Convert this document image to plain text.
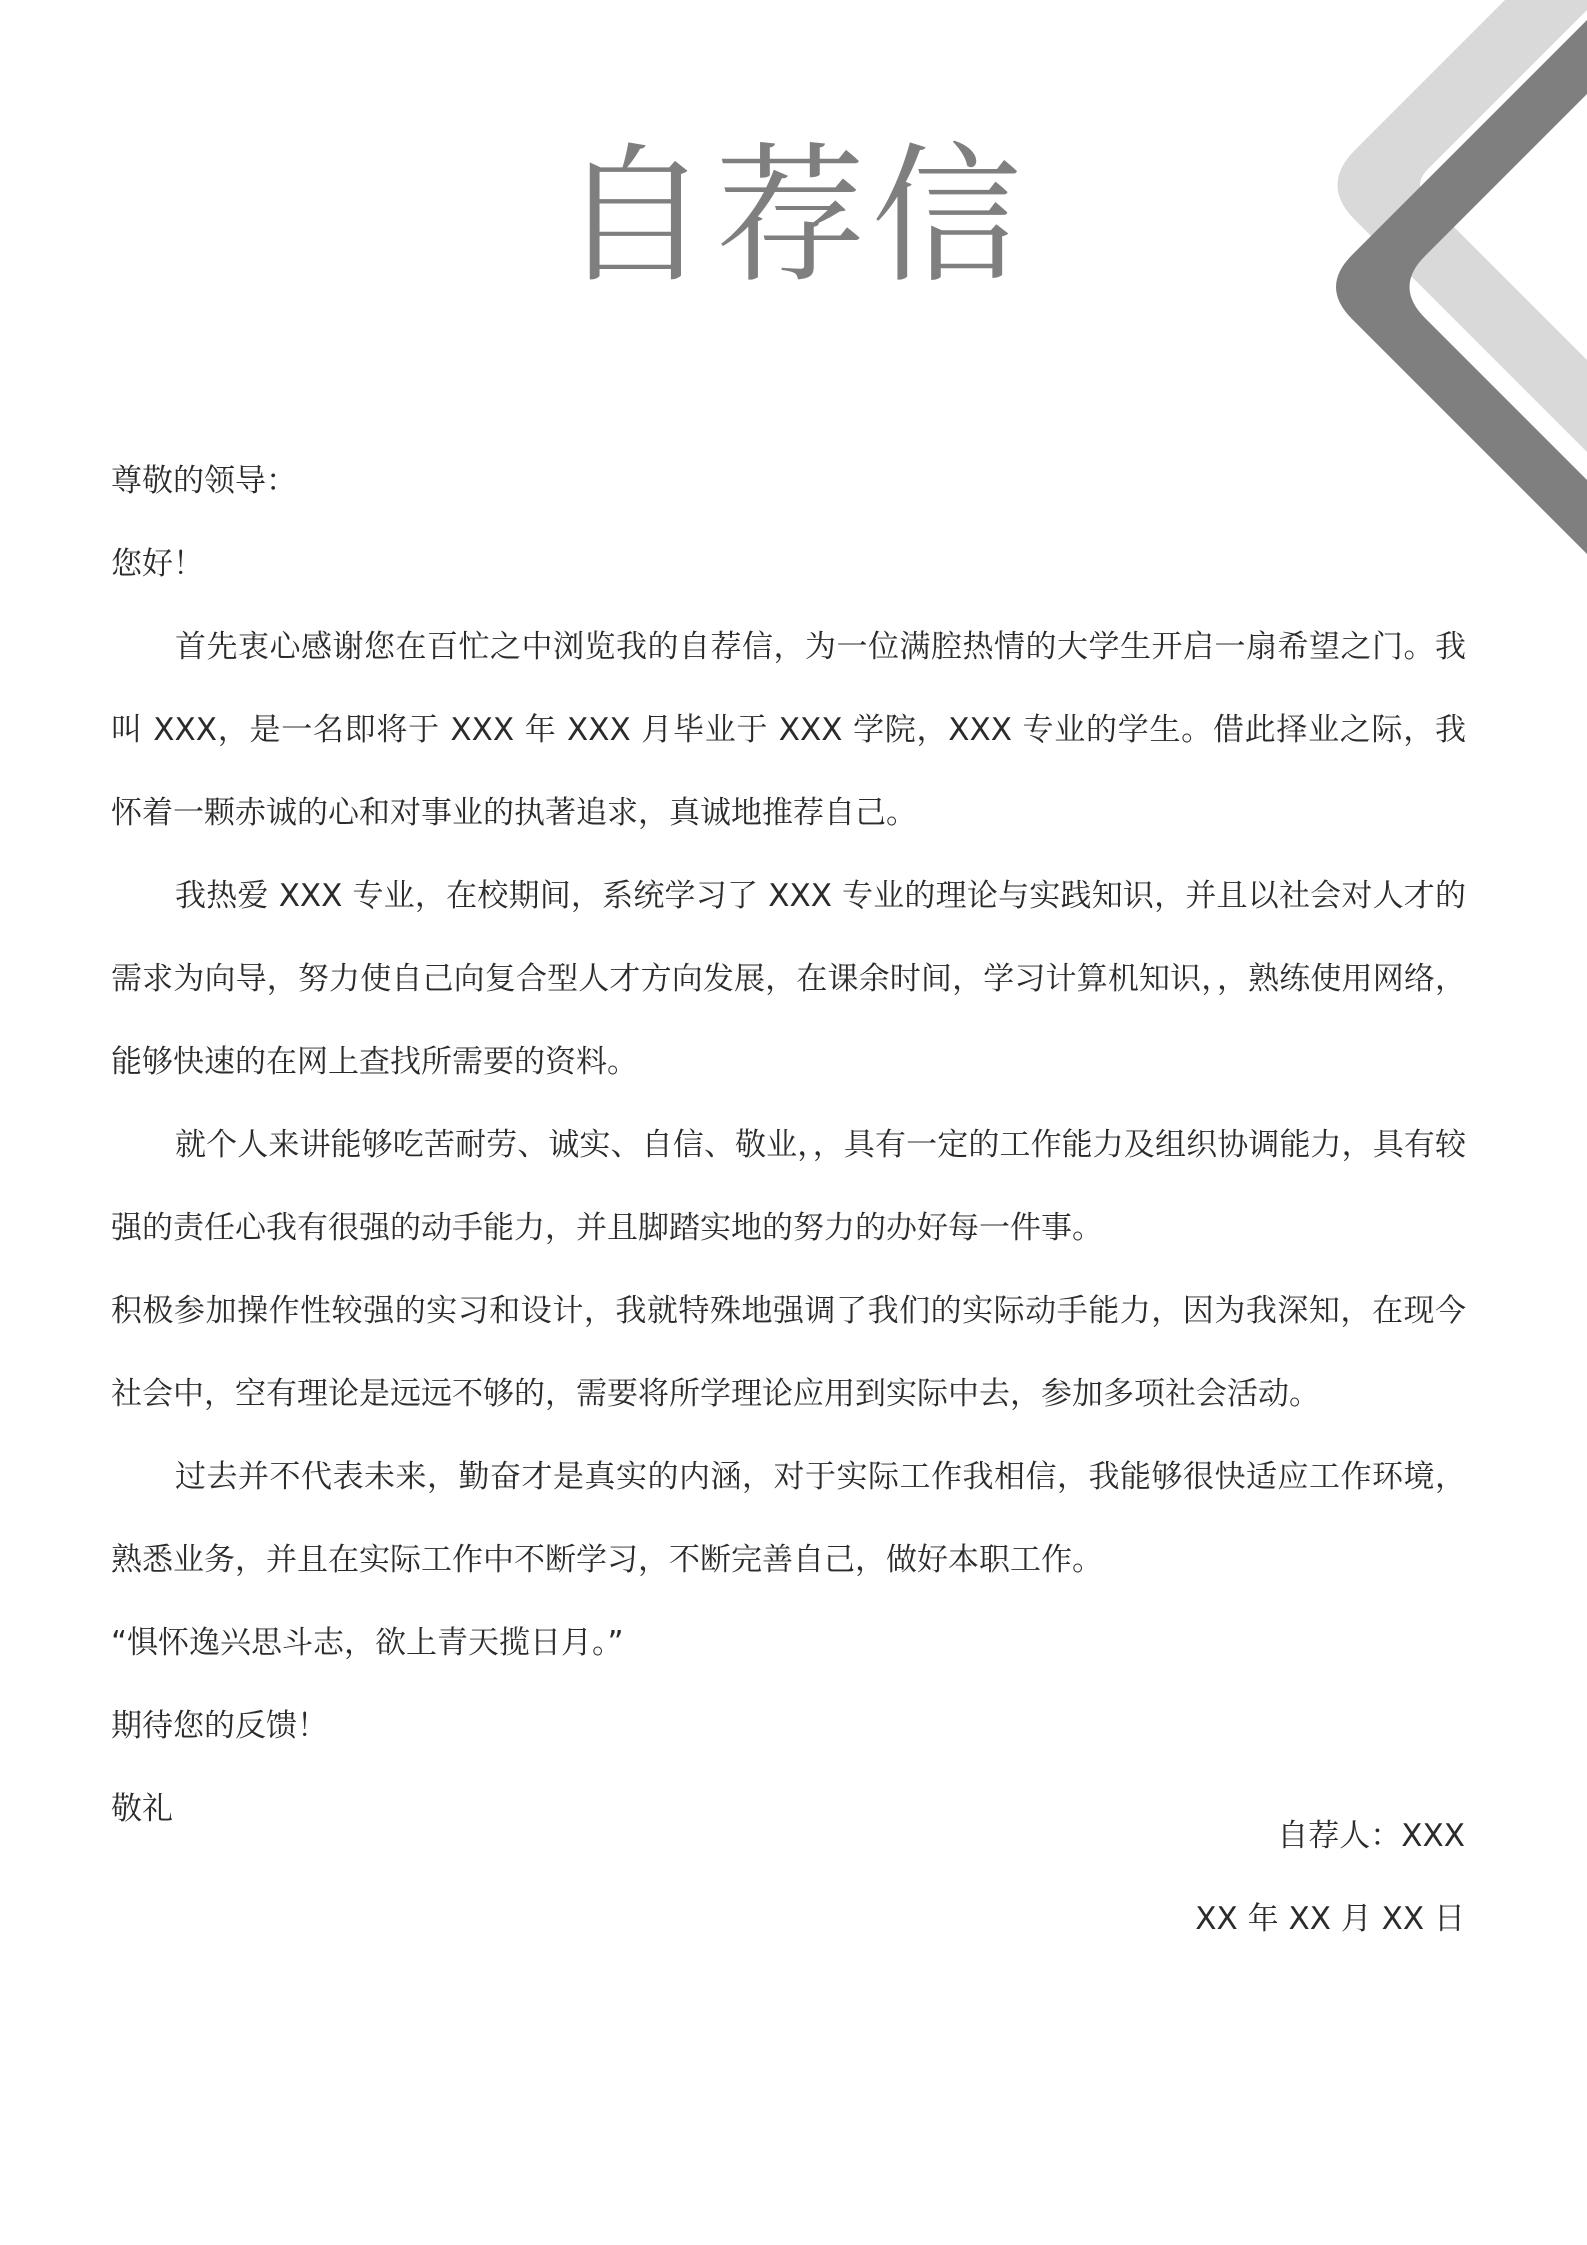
自荐信

尊敬的领导：

您好！

首先衷心感谢您在百忙之中浏览我的自荐信，为一位满腔热情的大学生开启一扇希望之门。我叫 XXX，是一名即将于 XXX 年 XXX 月毕业于 XXX 学院，XXX 专业的学生。借此择业之际，我怀着一颗赤诚的心和对事业的执著追求，真诚地推荐自己。

我热爱 XXX 专业，在校期间，系统学习了 XXX 专业的理论与实践知识，并且以社会对人才的需求为向导，努力使自己向复合型人才方向发展，在课余时间，学习计算机知识，，熟练使用网络，能够快速的在网上查找所需要的资料。

就个人来讲能够吃苦耐劳、诚实、自信、敬业，，具有一定的工作能力及组织协调能力，具有较强的责任心我有很强的动手能力，并且脚踏实地的努力的办好每一件事。

积极参加操作性较强的实习和设计，我就特殊地强调了我们的实际动手能力，因为我深知，在现今社会中，空有理论是远远不够的，需要将所学理论应用到实际中去，参加多项社会活动。

过去并不代表未来，勤奋才是真实的内涵，对于实际工作我相信，我能够很快适应工作环境，熟悉业务，并且在实际工作中不断学习，不断完善自己，做好本职工作。

“惧怀逸兴思斗志，欲上青天揽日月。”

期待您的反馈！

敬礼

自荐人：XXX

XX 年 XX 月 XX 日
